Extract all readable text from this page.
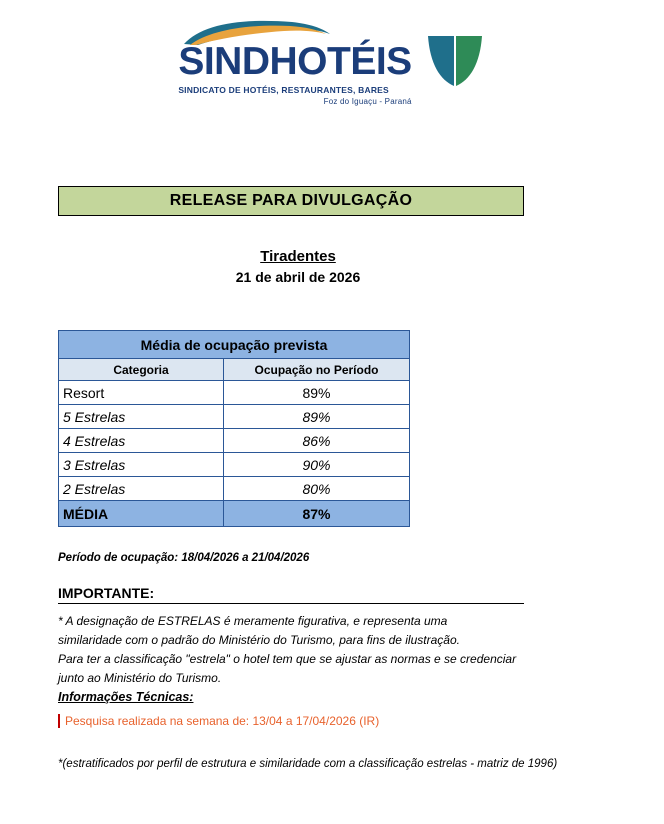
SINDHOTÉIS
SINDICATO DE HOTÉIS, RESTAURANTES, BARES
Foz do Iguaçu - Paraná
RELEASE PARA DIVULGAÇÃO
Tiradentes
21 de abril de 2026
Média de ocupação prevista	
Categoria	Ocupação no Período
Resort	89%
5 Estrelas	89%
4 Estrelas	86%
3 Estrelas	90%
2 Estrelas	80%
MÉDIA	87%
Período de ocupação: 18/04/2026 a 21/04/2026
IMPORTANTE:

* A designação de ESTRELAS é meramente figurativa, e representa uma

similaridade com o padrão do Ministério do Turismo, para fins de ilustração.

Para ter a classificação "estrela" o hotel tem que se ajustar as normas e se credenciar

junto ao Ministério do Turismo.

Informações Técnicas:
Pesquisa realizada na semana de: 13/04 a 17/04/2026 (IR)
*(estratificados por perfil de estrutura e similaridade com a classificação estrelas - matriz de 1996)
